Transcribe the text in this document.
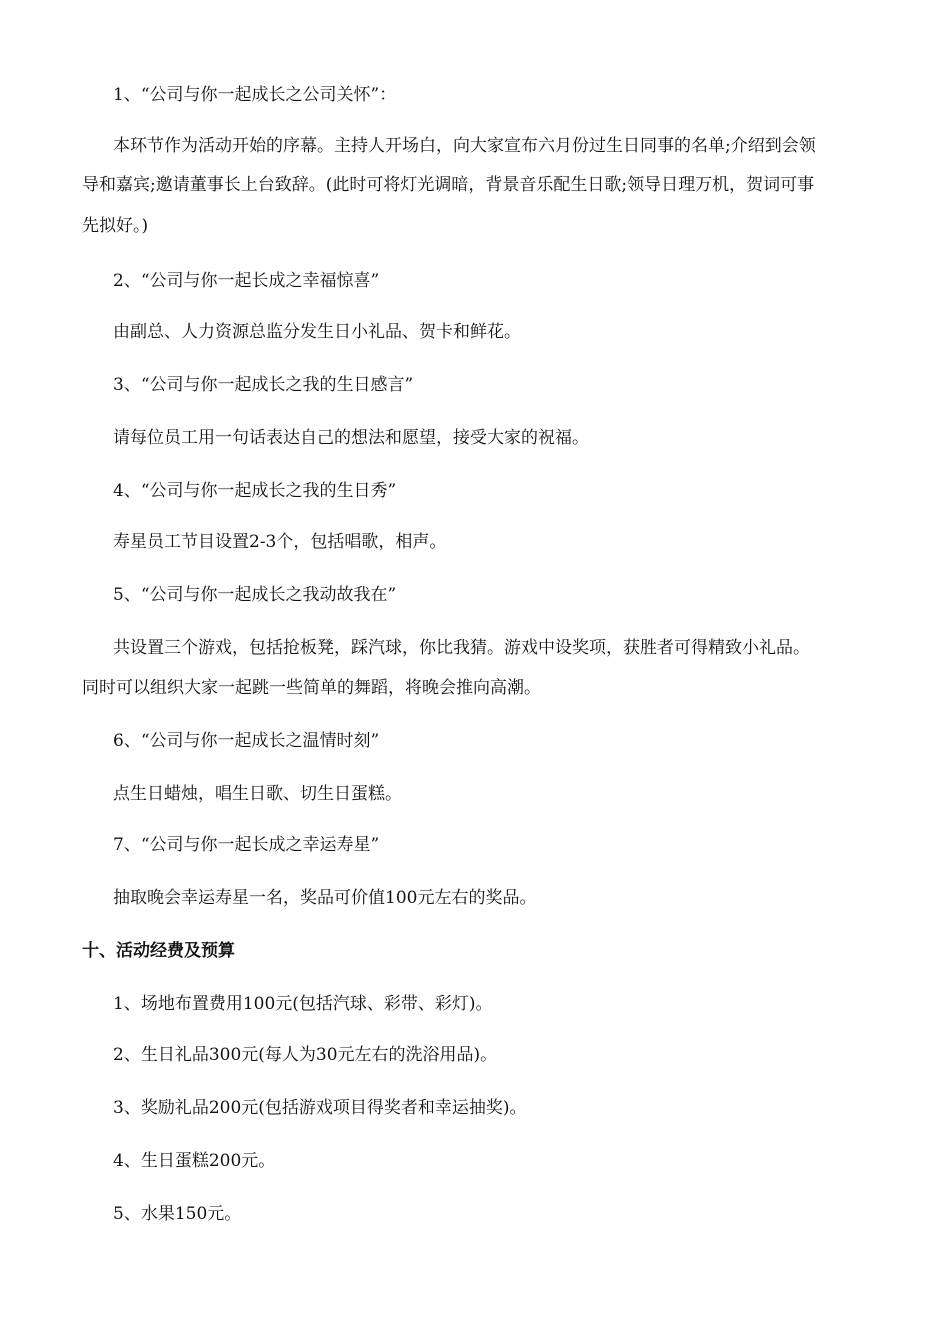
1、“公司与你一起成长之公司关怀”：
本环节作为活动开始的序幕。主持人开场白，向大家宣布六月份过生日同事的名单;介绍到会领
导和嘉宾;邀请董事长上台致辞。(此时可将灯光调暗，背景音乐配生日歌;领导日理万机，贺词可事
先拟好。)
2、“公司与你一起长成之幸福惊喜”
由副总、人力资源总监分发生日小礼品、贺卡和鲜花。
3、“公司与你一起成长之我的生日感言”
请每位员工用一句话表达自己的想法和愿望，接受大家的祝福。
4、“公司与你一起成长之我的生日秀”
寿星员工节目设置2-3个，包括唱歌，相声。
5、“公司与你一起成长之我动故我在”
共设置三个游戏，包括抢板凳，踩汽球，你比我猜。游戏中设奖项，获胜者可得精致小礼品。
同时可以组织大家一起跳一些简单的舞蹈，将晚会推向高潮。
6、“公司与你一起成长之温情时刻”
点生日蜡烛，唱生日歌、切生日蛋糕。
7、“公司与你一起长成之幸运寿星”
抽取晚会幸运寿星一名，奖品可价值100元左右的奖品。
十、活动经费及预算
1、场地布置费用100元(包括汽球、彩带、彩灯)。
2、生日礼品300元(每人为30元左右的洗浴用品)。
3、奖励礼品200元(包括游戏项目得奖者和幸运抽奖)。
4、生日蛋糕200元。
5、水果150元。
